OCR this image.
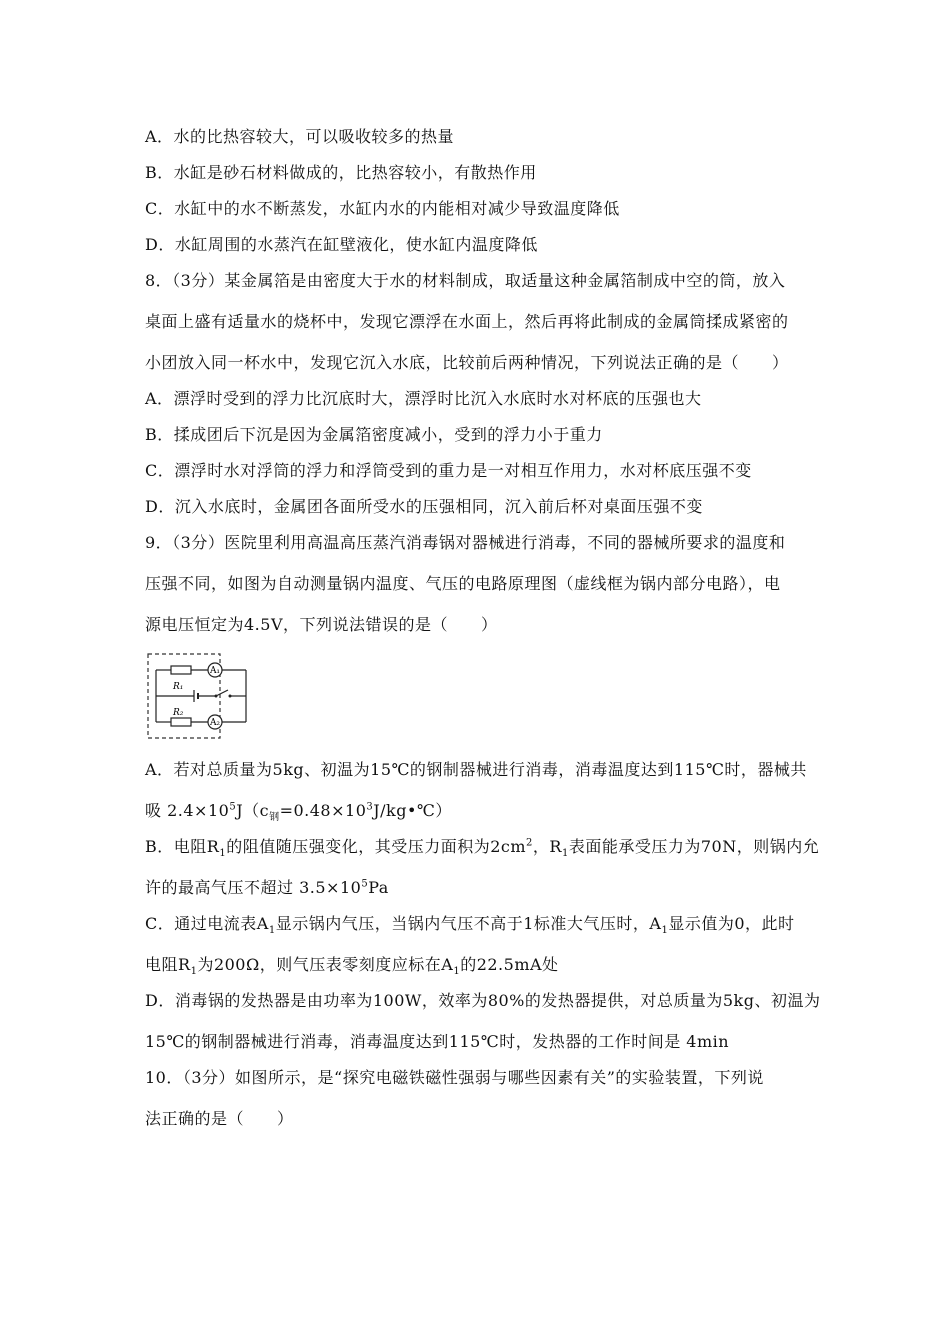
A．水的比热容较大，可以吸收较多的热量
B．水缸是砂石材料做成的，比热容较小，有散热作用
C．水缸中的水不断蒸发，水缸内水的内能相对减少导致温度降低
D．水缸周围的水蒸汽在缸壁液化，使水缸内温度降低
8．（3分）某金属箔是由密度大于水的材料制成，取适量这种金属箔制成中空的筒，放入
桌面上盛有适量水的烧杯中，发现它漂浮在水面上，然后再将此制成的金属筒揉成紧密的
小团放入同一杯水中，发现它沉入水底，比较前后两种情况，下列说法正确的是（　　）
A．漂浮时受到的浮力比沉底时大，漂浮时比沉入水底时水对杯底的压强也大
B．揉成团后下沉是因为金属箔密度减小，受到的浮力小于重力
C．漂浮时水对浮筒的浮力和浮筒受到的重力是一对相互作用力，水对杯底压强不变
D．沉入水底时，金属团各面所受水的压强相同，沉入前后杯对桌面压强不变
9．（3分）医院里利用高温高压蒸汽消毒锅对器械进行消毒，不同的器械所要求的温度和
压强不同，如图为自动测量锅内温度、气压的电路原理图（虚线框为锅内部分电路），电
源电压恒定为4.5V，下列说法错误的是（　　）
A₁
R₁
R₂
A₂
A．若对总质量为5kg、初温为15℃的钢制器械进行消毒，消毒温度达到115℃时，器械共
吸 $2.4\times 10^5J(c_钢=0.48\times 10^3J/kg•℃)$
B．电阻$R_1$的阻值随压强变化，其受压力面积为$2cm^2$，$R_1$表面能承受压力为70N，则锅内允
许的最高气压不超过 $3.5\times 10^5Pa$
C．通过电流表$A_1$显示锅内气压，当锅内气压不高于1标准大气压时，$A_1$显示值为0，此时
电阻$R_1$为200Ω，则气压表零刻度应标在$A_1$的22.5mA处
D．消毒锅的发热器是由功率为100W，效率为80%的发热器提供，对总质量为5kg、初温为
15℃的钢制器械进行消毒，消毒温度达到115℃时，发热器的工作时间是 4min
10．（3分）如图所示，是“探究电磁铁磁性强弱与哪些因素有关”的实验装置，下列说
法正确的是（　　）
